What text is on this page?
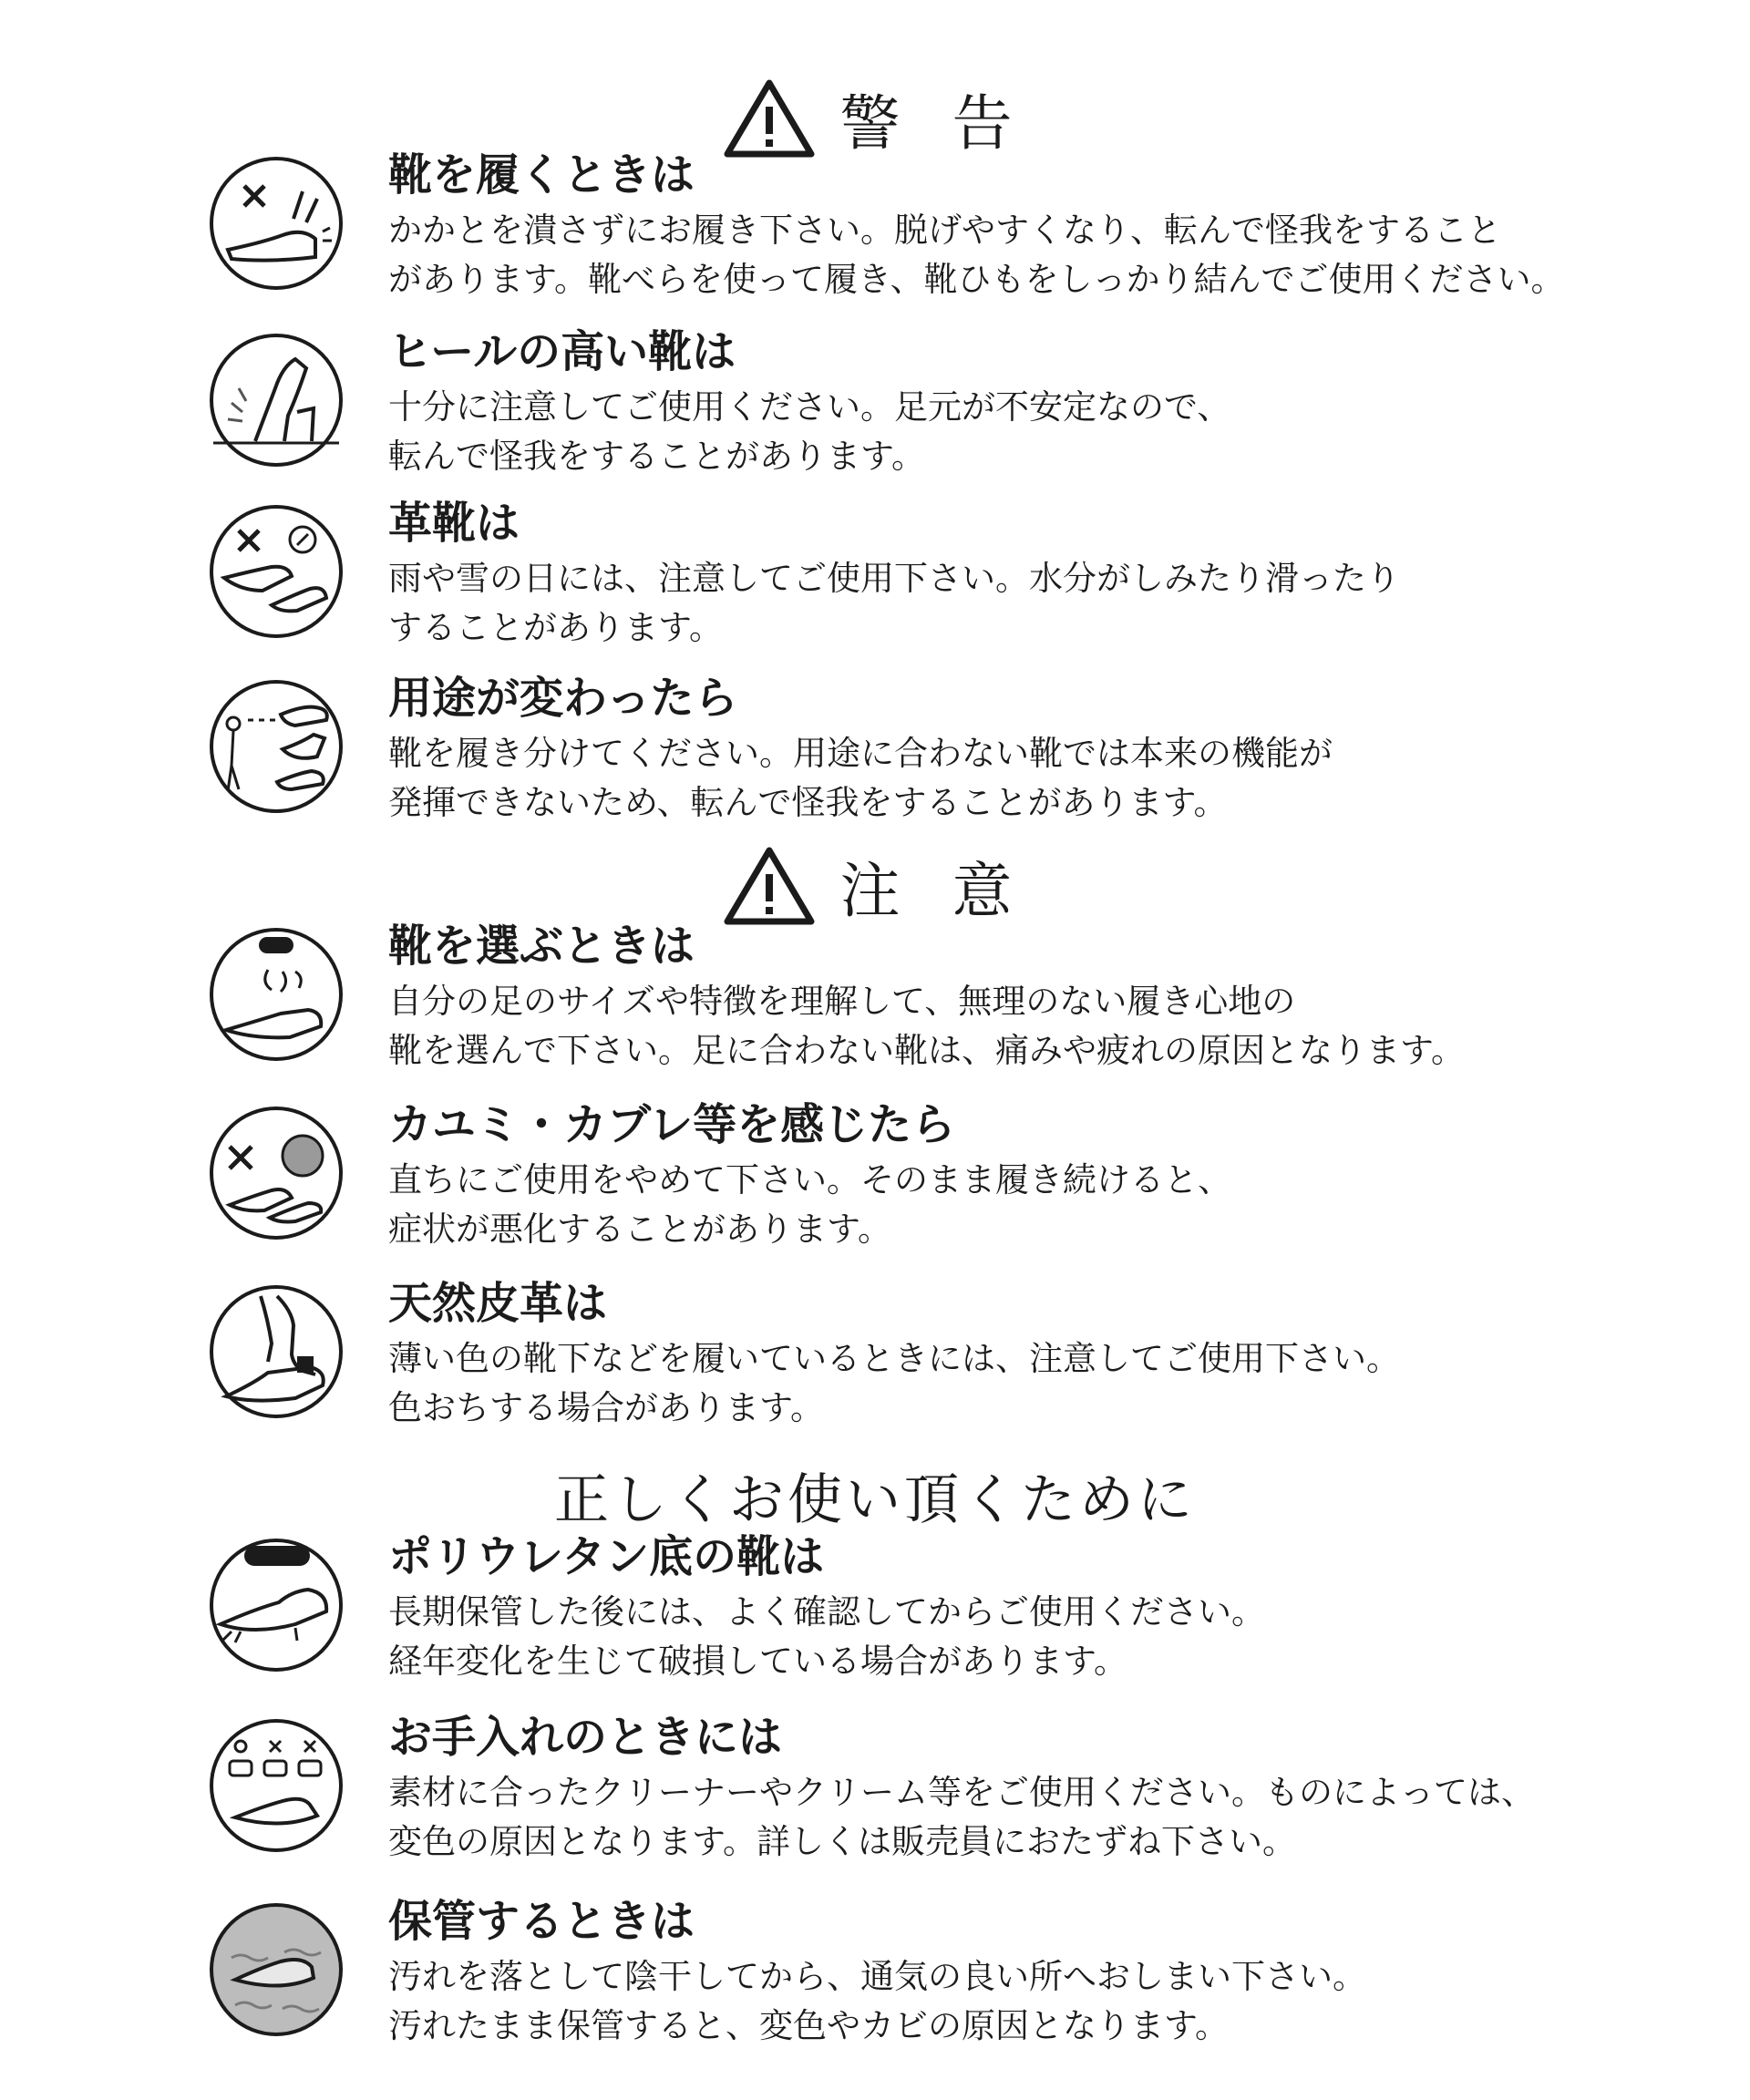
警 告
靴を履くときは
かかとを潰さずにお履き下さい。脱げやすくなり、転んで怪我をすること
があります。靴べらを使って履き、靴ひもをしっかり結んでご使用ください。
ヒールの高い靴は
十分に注意してご使用ください。足元が不安定なので、
転んで怪我をすることがあります。
革靴は
雨や雪の日には、注意してご使用下さい。水分がしみたり滑ったり
することがあります。
用途が変わったら
靴を履き分けてください。用途に合わない靴では本来の機能が
発揮できないため、転んで怪我をすることがあります。
注 意
靴を選ぶときは
自分の足のサイズや特徴を理解して、無理のない履き心地の
靴を選んで下さい。足に合わない靴は、痛みや疲れの原因となります。
カユミ・カブレ等を感じたら
直ちにご使用をやめて下さい。そのまま履き続けると、
症状が悪化することがあります。
天然皮革は
薄い色の靴下などを履いているときには、注意してご使用下さい。
色おちする場合があります。
正しくお使い頂くために
ポリウレタン底の靴は
長期保管した後には、よく確認してからご使用ください。
経年変化を生じて破損している場合があります。
お手入れのときには
素材に合ったクリーナーやクリーム等をご使用ください。ものによっては、
変色の原因となります。詳しくは販売員におたずね下さい。
保管するときは
汚れを落として陰干してから、通気の良い所へおしまい下さい。
汚れたまま保管すると、変色やカビの原因となります。
